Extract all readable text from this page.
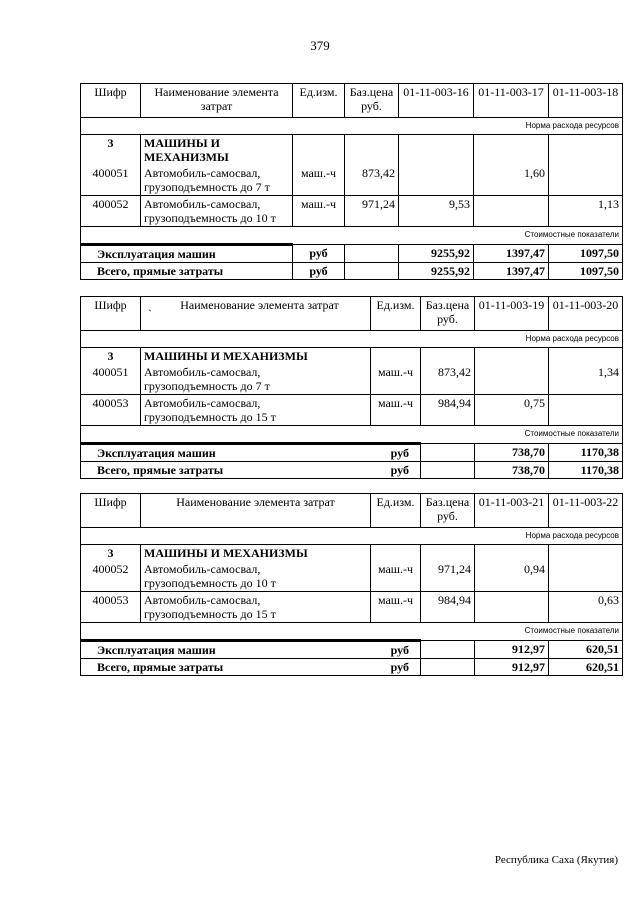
379
Шифр	Наименование элемента затрат	Ед.изм.	Баз.цена руб.	01-11-003-16	01-11-003-17	01-11-003-18
Норма расхода ресурсов						
3	МАШИНЫ И МЕХАНИЗМЫ					
400051	Автомобиль-самосвал,
грузоподъемность до 7 т	маш.-ч	873,42		1,60	
400052	Автомобиль-самосвал,
грузоподъемность до 10 т	маш.-ч	971,24	9,53		1,13
Стоимостные показатели						
Эксплуатация машин		руб		9255,92	1397,47	1097,50
Всего, прямые затраты		руб		9255,92	1397,47	1097,50
Шифр	ˎ Наименование элемента затрат	Ед.изм.	Баз.цена руб.	01-11-003-19	01-11-003-20
Норма расхода ресурсов					
3	МАШИНЫ И МЕХАНИЗМЫ				
400051	Автомобиль-самосвал,
грузоподъемность до 7 т	маш.-ч	873,42		1,34
400053	Автомобиль-самосвал,
грузоподъемность до 15 т	маш.-ч	984,94	0,75	
Стоимостные показатели					
Эксплуатация машин руб				738,70	1170,38
Всего, прямые затраты руб				738,70	1170,38
Шифр	Наименование элемента затрат	Ед.изм.	Баз.цена руб.	01-11-003-21	01-11-003-22
Норма расхода ресурсов					
3	МАШИНЫ И МЕХАНИЗМЫ				
400052	Автомобиль-самосвал,
грузоподъемность до 10 т	маш.-ч	971,24	0,94	
400053	Автомобиль-самосвал,
грузоподъемность до 15 т	маш.-ч	984,94		0,63
Стоимостные показатели					
Эксплуатация машин руб				912,97	620,51
Всего, прямые затраты руб				912,97	620,51
Республика Саха (Якутия)
